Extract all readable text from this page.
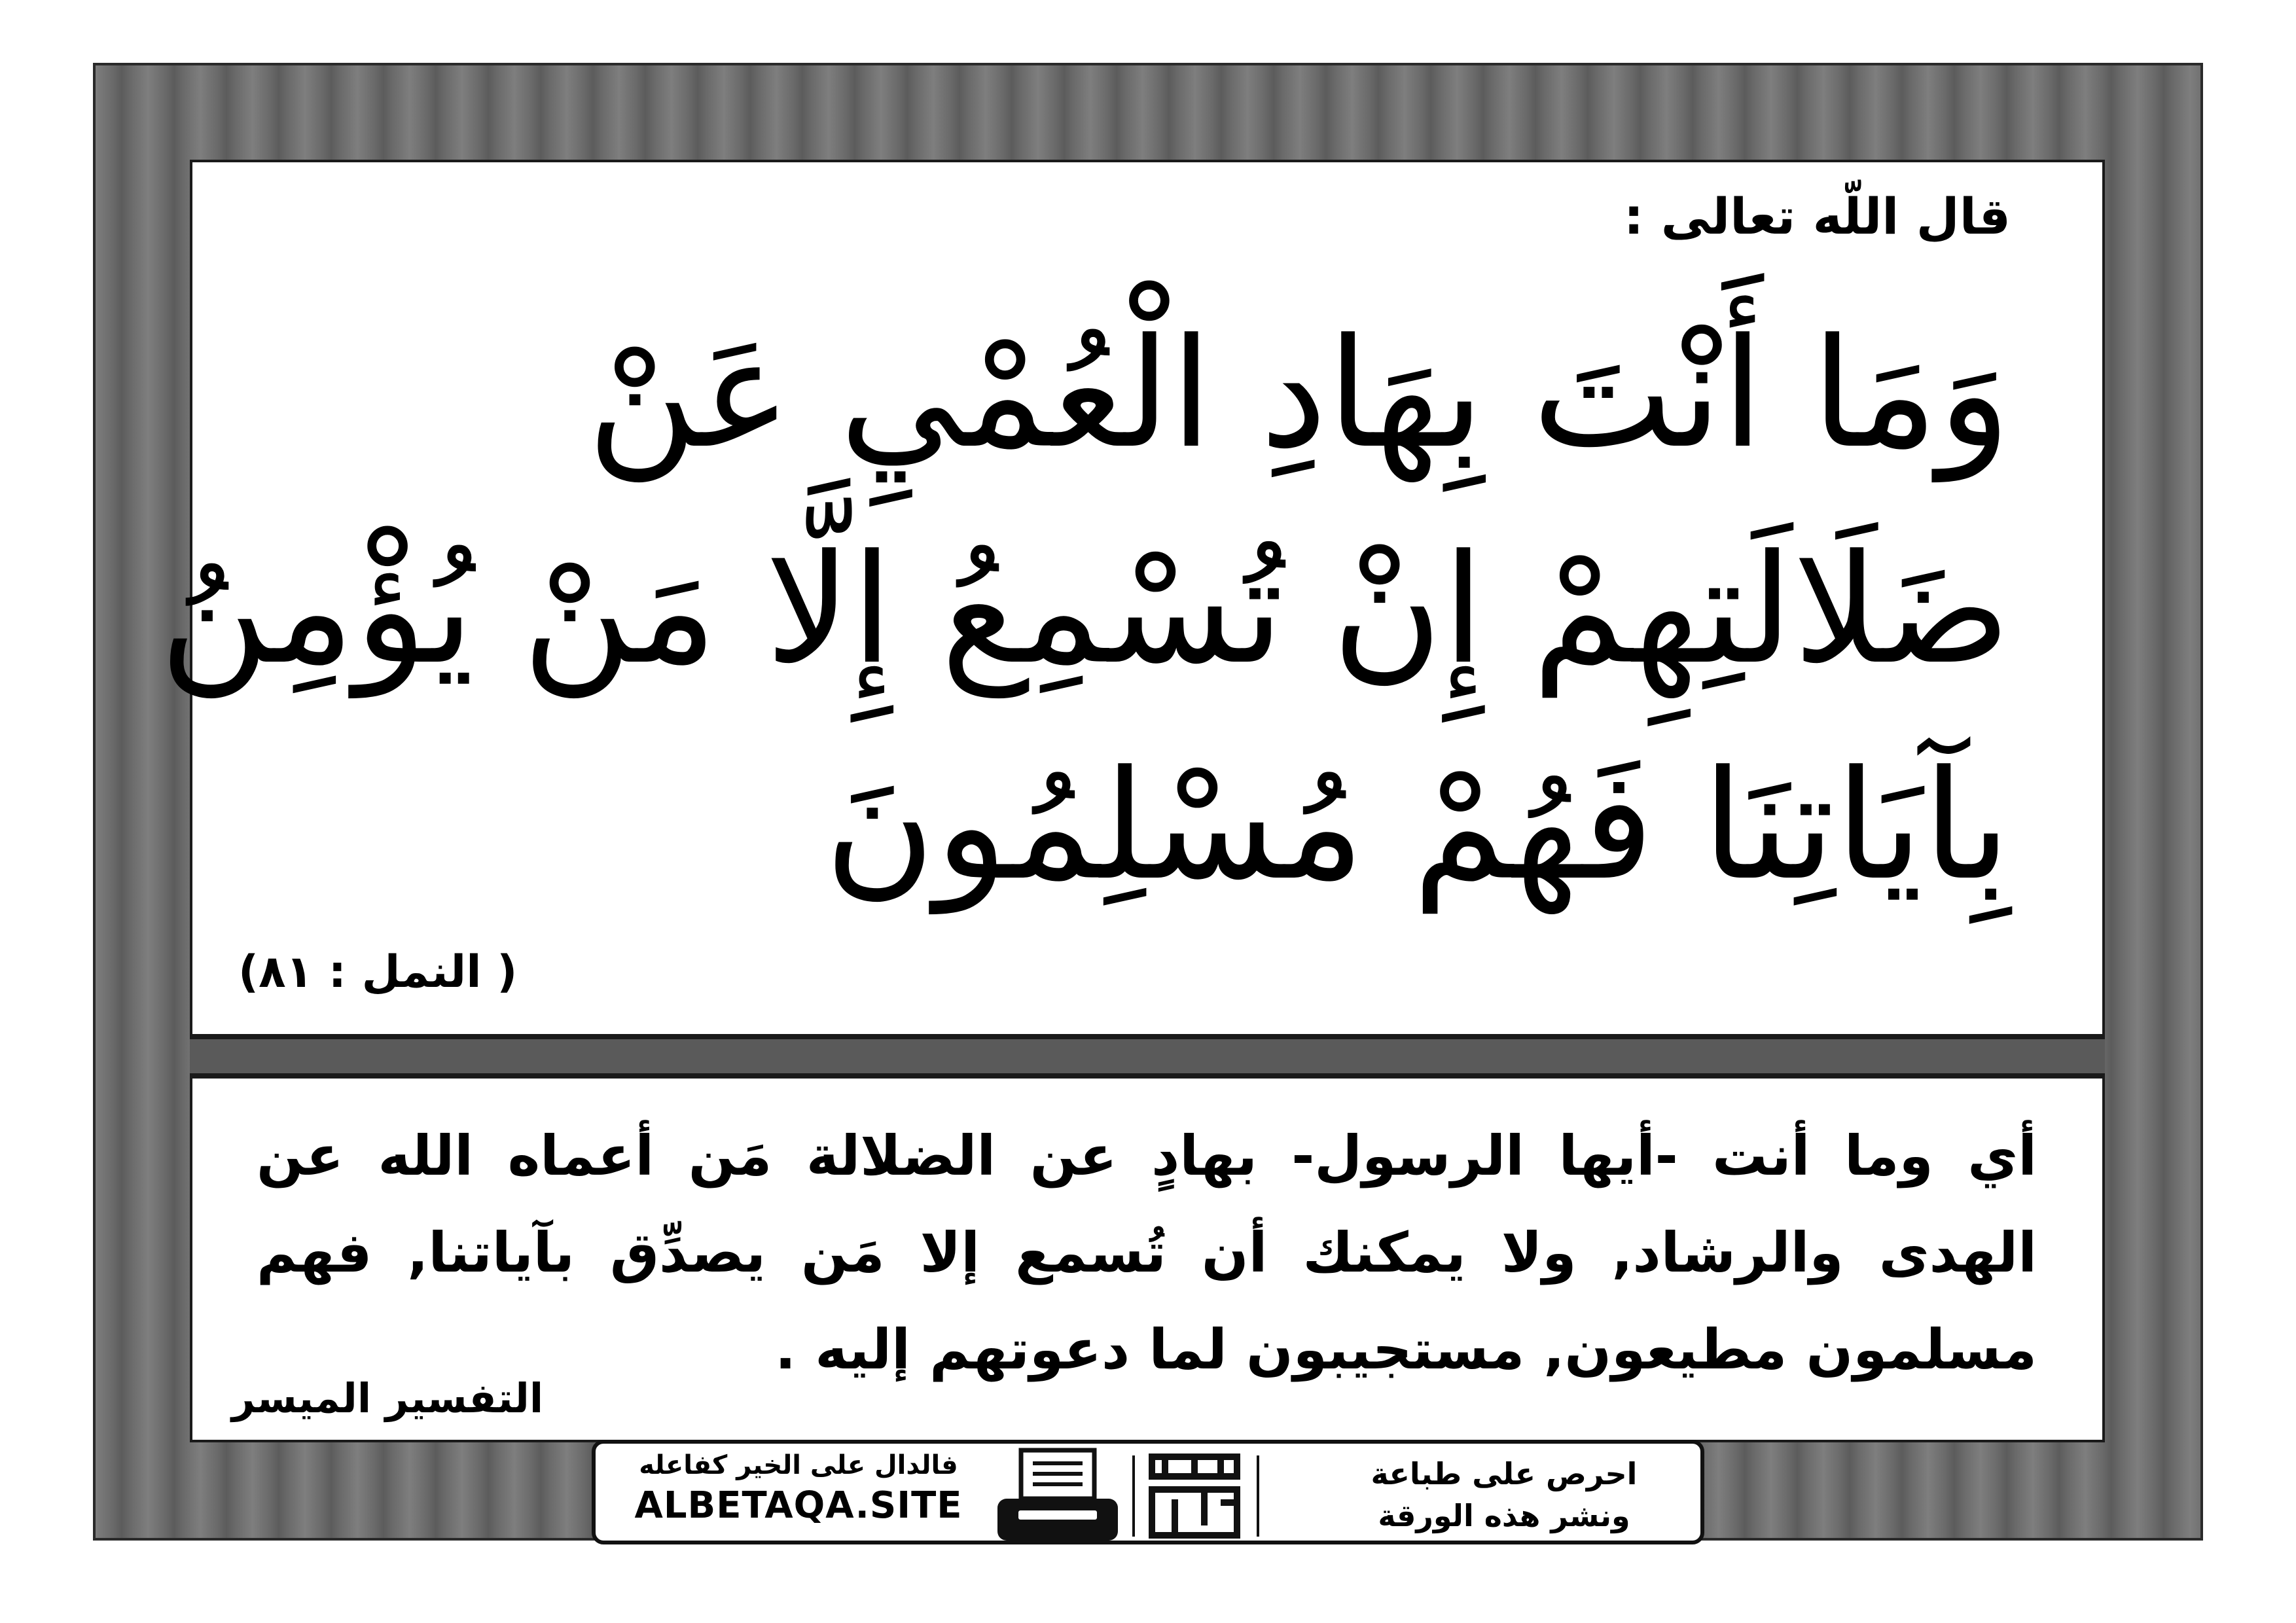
قال اللّه تعالى :
وَمَا أَنْتَ بِهَادِ الْعُمْيِ عَنْ
ضَلَالَتِهِمْ إِنْ تُسْمِعُ إِلَّا مَنْ يُؤْمِنُ
بِآيَاتِنَا فَهُمْ مُسْلِمُونَ
( النمل : ٨١)
أي وما أنت -أيها الرسول- بهادٍ عن الضلالة مَن أعماه الله عن الهدى والرشاد, ولا يمكنك أن تُسمع إلا مَن يصدِّق بآياتنا, فهم مسلمون مطيعون, مستجيبون لما دعوتهم إليه .
التفسير الميسر
فالدال على الخير كفاعله
ALBETAQA.SITE
احرص على طباعة
ونشر هذه الورقة
